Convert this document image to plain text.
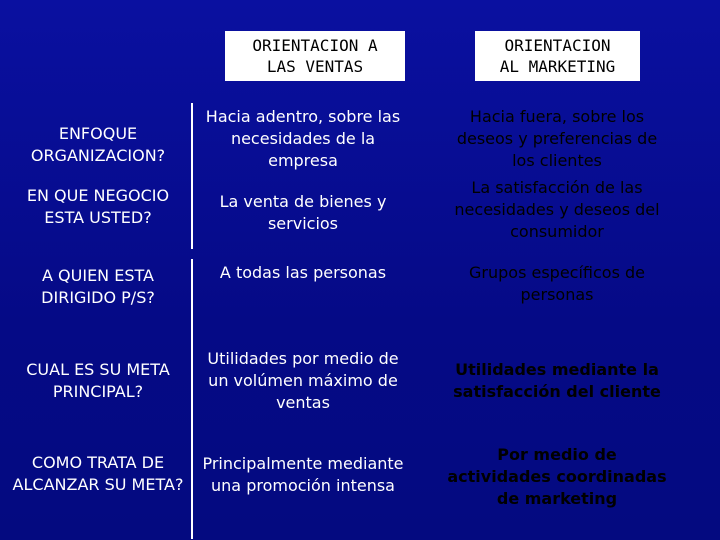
ORIENTACION A
LAS VENTAS
ORIENTACION
AL MARKETING
ENFOQUE ORGANIZACION?
Hacia adentro, sobre las necesidades de la empresa
Hacia fuera, sobre los deseos y preferencias de los clientes
EN QUE NEGOCIO ESTA USTED?
La venta de bienes y servicios
La satisfacción de las necesidades y deseos del consumidor
A QUIEN ESTA DIRIGIDO P/S?
A todas las personas	Grupos específicos de personas
CUAL ES SU META PRINCIPAL?
Utilidades por medio de un volúmen máximo de ventas
Utilidades mediante la satisfacción del cliente
COMO TRATA DE ALCANZAR SU META?
Principalmente mediante una promoción intensa
Por medio de actividades coordinadas de marketing
